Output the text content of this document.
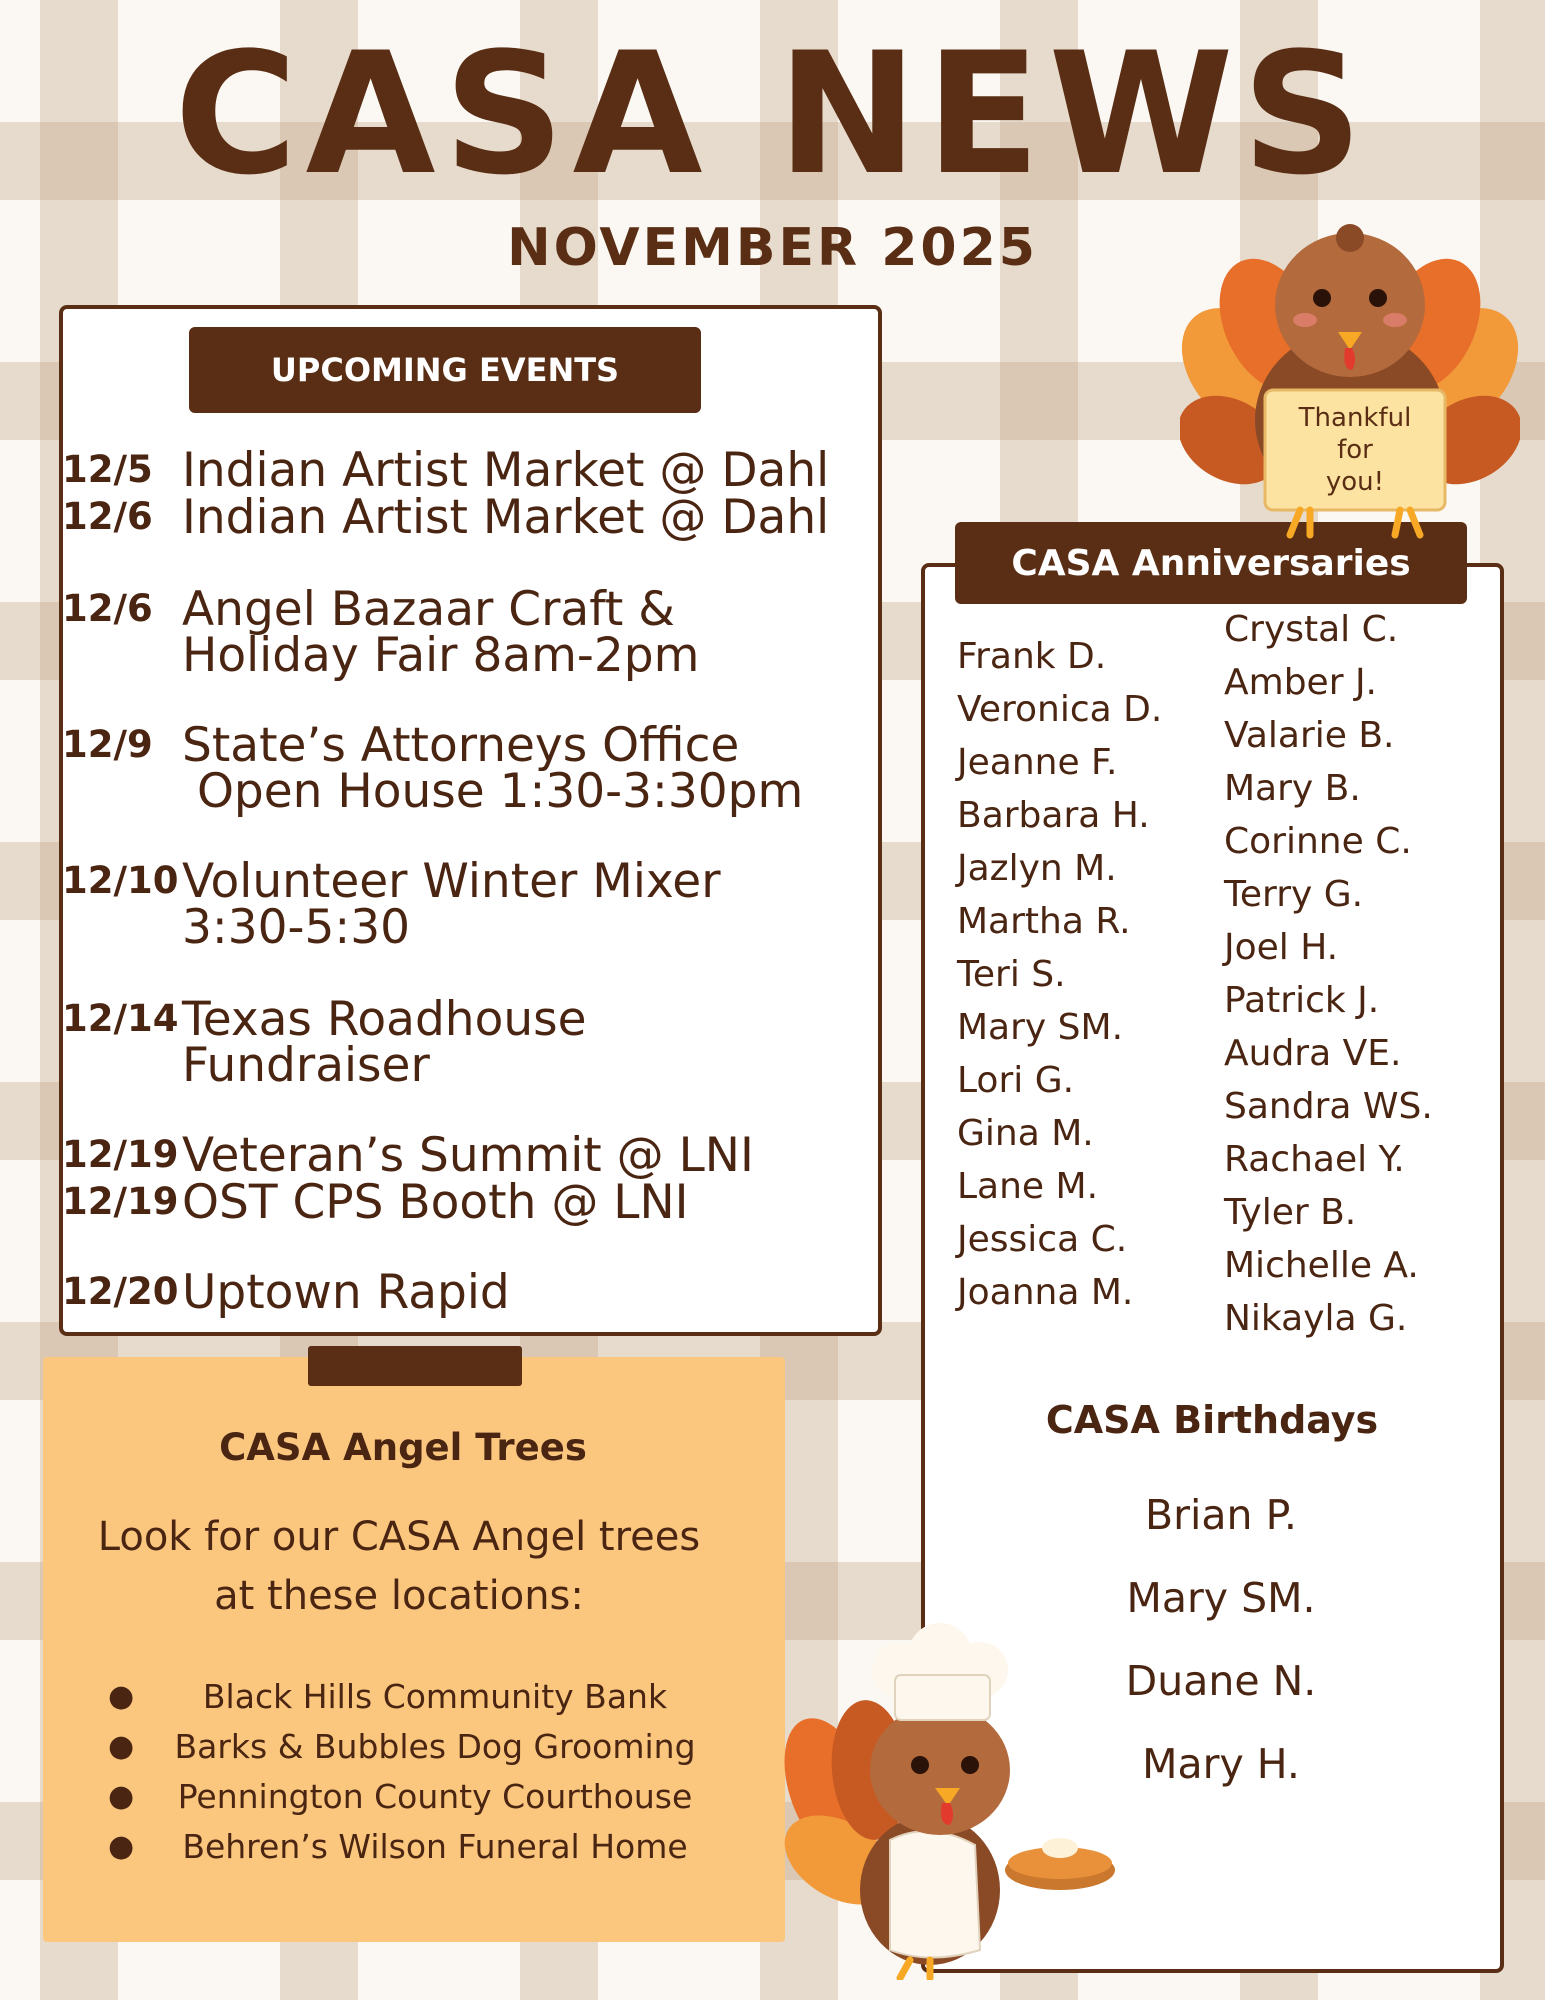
CASA NEWS
NOVEMBER 2025
UPCOMING EVENTS
12/5 Indian Artist Market @ Dahl
12/6 Indian Artist Market @ Dahl
12/6 Angel Bazaar Craft &
Holiday Fair 8am-2pm
12/9 State’s Attorneys Office
Open House 1:30-3:30pm
12/10 Volunteer Winter Mixer
3:30-5:30
12/14 Texas Roadhouse
Fundraiser
12/19 Veteran’s Summit @ LNI
12/19 OST CPS Booth @ LNI
12/20 Uptown Rapid
CASA Anniversaries
Frank D.
Veronica D.
Jeanne F.
Barbara H.
Jazlyn M.
Martha R.
Teri S.
Mary SM.
Lori G.
Gina M.
Lane M.
Jessica C.
Joanna M.
Crystal C.
Amber J.
Valarie B.
Mary B.
Corinne C.
Terry G.
Joel H.
Patrick J.
Audra VE.
Sandra WS.
Rachael Y.
Tyler B.
Michelle A.
Nikayla G.
CASA Birthdays
Brian P.
Mary SM.
Duane N.
Mary H.
CASA Angel Trees
Look for our CASA Angel trees
at these locations:
● Black Hills Community Bank
● Barks & Bubbles Dog Grooming
● Pennington County Courthouse
● Behren’s Wilson Funeral Home
Thankful
for
you!
